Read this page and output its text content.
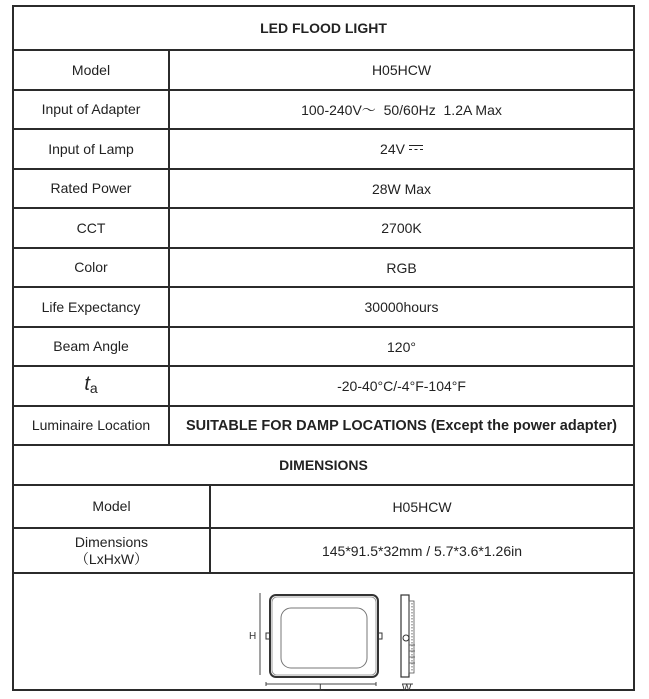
LED FLOOD LIGHT
Model	H05HCW
Input of Adapter	100-240V〜  50/60Hz  1.2A Max
Input of Lamp	24V
Rated Power	28W Max
CCT	2700K
Color	RGB
Life Expectancy	30000hours
Beam Angle	120°
$t_a$	-20-40°C/-4°F-104°F
Luminaire Location	SUITABLE FOR DAMP LOCATIONS (Except the power adapter)
DIMENSIONS
Model	H05HCW
Dimensions
（LxHxW）	145*91.5*32mm / 5.7*3.6*1.26in
H
L	W
